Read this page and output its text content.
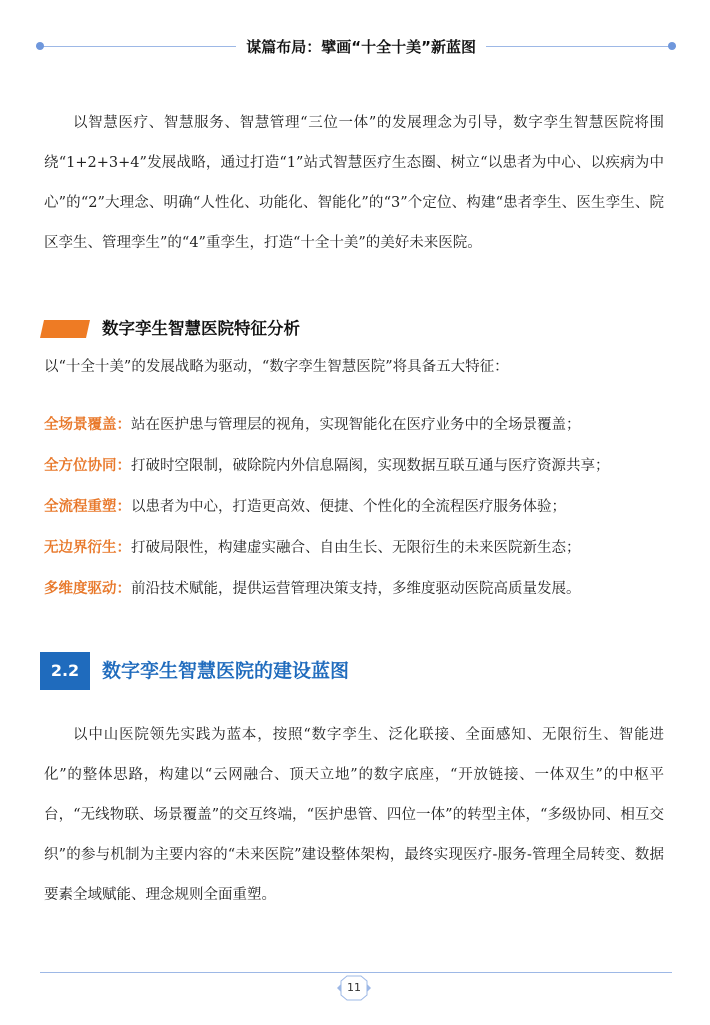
谋篇布局：擘画“十全十美”新蓝图

以智慧医疗、智慧服务、智慧管理“三位一体”的发展理念为引导，数字孪生智慧医院将围绕“1+2+3+4”发展战略，通过打造“1”站式智慧医疗生态圈、树立“以患者为中心、以疾病为中心”的“2”大理念、明确“人性化、功能化、智能化”的“3”个定位、构建“患者孪生、医生孪生、院区孪生、管理孪生”的“4”重孪生，打造“十全十美”的美好未来医院。

数字孪生智慧医院特征分析

以“十全十美”的发展战略为驱动，“数字孪生智慧医院”将具备五大特征：

全场景覆盖：站在医护患与管理层的视角，实现智能化在医疗业务中的全场景覆盖；
全方位协同：打破时空限制，破除院内外信息隔阂，实现数据互联互通与医疗资源共享；
全流程重塑：以患者为中心，打造更高效、便捷、个性化的全流程医疗服务体验；
无边界衍生：打破局限性，构建虚实融合、自由生长、无限衍生的未来医院新生态；
多维度驱动：前沿技术赋能，提供运营管理决策支持，多维度驱动医院高质量发展。
2.2	数字孪生智慧医院的建设蓝图

以中山医院领先实践为蓝本，按照“数字孪生、泛化联接、全面感知、无限衍生、智能进化”的整体思路，构建以“云网融合、顶天立地”的数字底座，“开放链接、一体双生”的中枢平台，“无线物联、场景覆盖”的交互终端，“医护患管、四位一体”的转型主体，“多级协同、相互交织”的参与机制为主要内容的“未来医院”建设整体架构，最终实现医疗-服务-管理全局转变、数据要素全域赋能、理念规则全面重塑。

11
